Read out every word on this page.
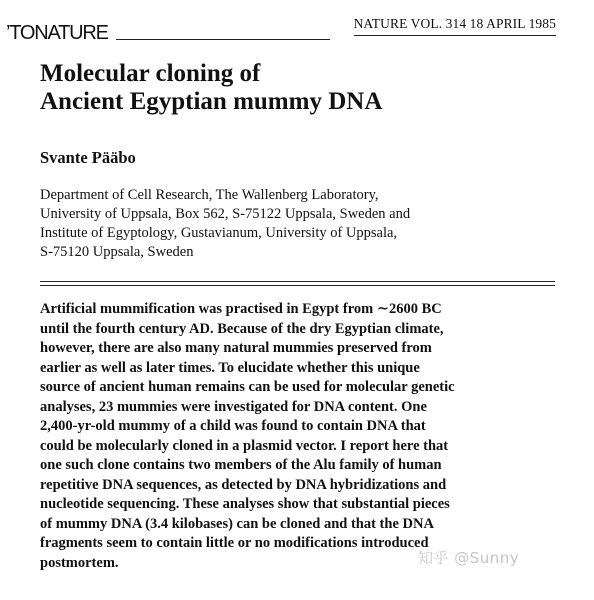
’TONATURE	NATURE VOL. 314 18 APRIL 1985
Molecular cloning of
Ancient Egyptian mummy DNA
Svante Pääbo
Department of Cell Research, The Wallenberg Laboratory,
University of Uppsala, Box 562, S-75122 Uppsala, Sweden and
Institute of Egyptology, Gustavianum, University of Uppsala,
S-75120 Uppsala, Sweden
Artificial mummification was practised in Egypt from ∼2600 BC
until the fourth century AD. Because of the dry Egyptian climate,
however, there are also many natural mummies preserved from
earlier as well as later times. To elucidate whether this unique
source of ancient human remains can be used for molecular genetic
analyses, 23 mummies were investigated for DNA content. One
2,400-yr-old mummy of a child was found to contain DNA that
could be molecularly cloned in a plasmid vector. I report here that
one such clone contains two members of the Alu family of human
repetitive DNA sequences, as detected by DNA hybridizations and
nucleotide sequencing. These analyses show that substantial pieces
of mummy DNA (3.4 kilobases) can be cloned and that the DNA
fragments seem to contain little or no modifications introduced
postmortem.	知乎 @Sunny
